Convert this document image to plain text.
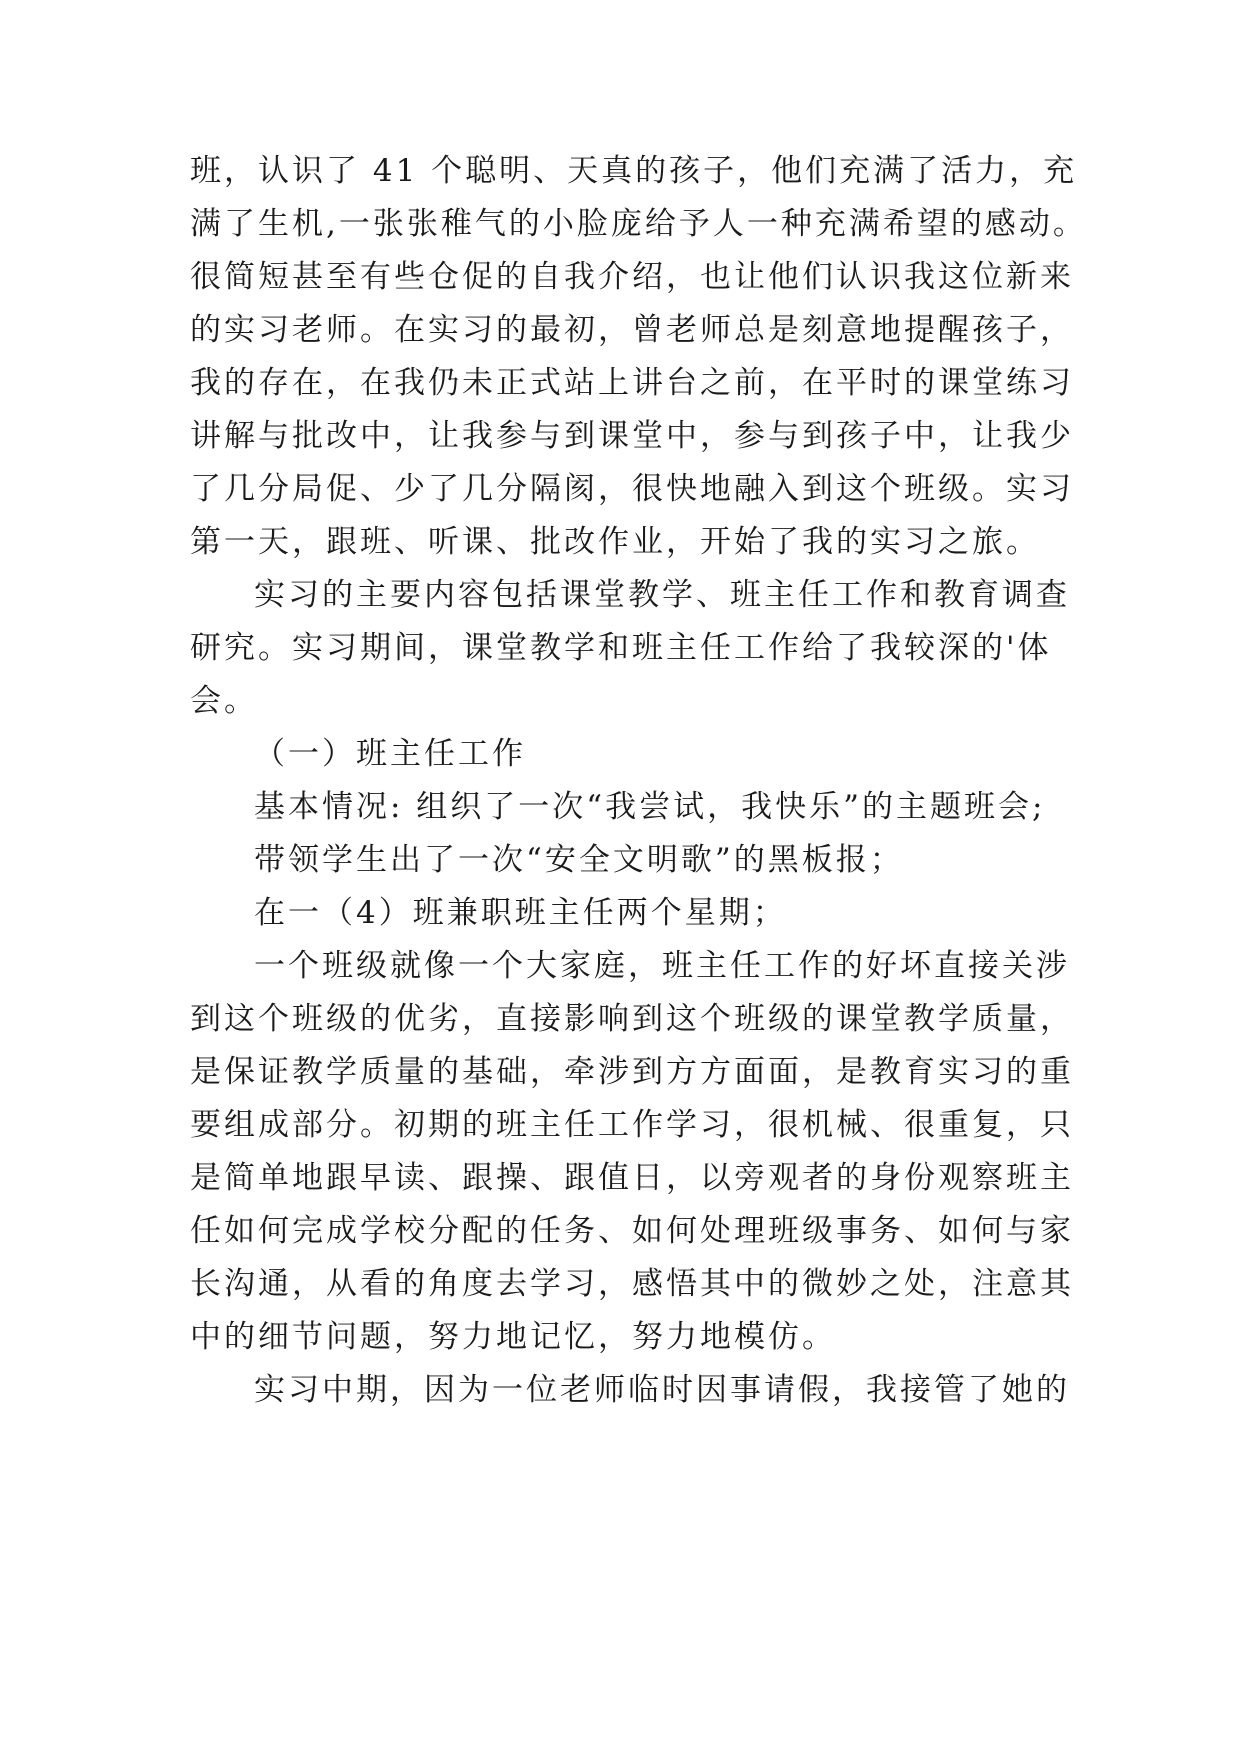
班，认识了 41 个聪明、天真的孩子，他们充满了活力，充
满了生机,一张张稚气的小脸庞给予人一种充满希望的感动。
很简短甚至有些仓促的自我介绍，也让他们认识我这位新来
的实习老师。在实习的最初，曾老师总是刻意地提醒孩子，
我的存在，在我仍未正式站上讲台之前，在平时的课堂练习
讲解与批改中，让我参与到课堂中，参与到孩子中，让我少
了几分局促、少了几分隔阂，很快地融入到这个班级。实习
第一天，跟班、听课、批改作业，开始了我的实习之旅。
实习的主要内容包括课堂教学、班主任工作和教育调查
研究。实习期间，课堂教学和班主任工作给了我较深的'体
会。
（一）班主任工作
基本情况: 组织了一次“我尝试，我快乐”的主题班会;
带领学生出了一次“安全文明歌”的黑板报；
在一（4）班兼职班主任两个星期；
一个班级就像一个大家庭，班主任工作的好坏直接关涉
到这个班级的优劣，直接影响到这个班级的课堂教学质量，
是保证教学质量的基础，牵涉到方方面面，是教育实习的重
要组成部分。初期的班主任工作学习，很机械、很重复，只
是简单地跟早读、跟操、跟值日，以旁观者的身份观察班主
任如何完成学校分配的任务、如何处理班级事务、如何与家
长沟通，从看的角度去学习，感悟其中的微妙之处，注意其
中的细节问题，努力地记忆，努力地模仿。
实习中期，因为一位老师临时因事请假，我接管了她的
